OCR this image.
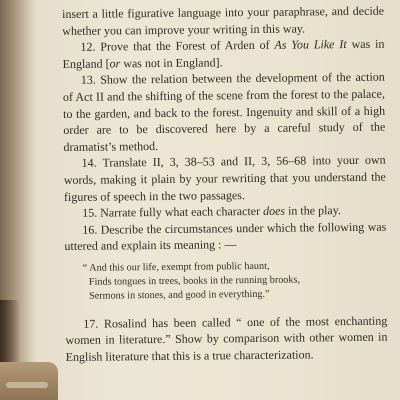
insert a little figurative language into your paraphrase, and decide whether you can improve your writing in this way.

12. Prove that the Forest of Arden of As You Like It was in England [or was not in England].

13. Show the relation between the development of the action of Act II and the shifting of the scene from the forest to the palace, to the garden, and back to the forest. Ingenuity and skill of a high order are to be discovered here by a careful study of the dramatist’s method.

14. Translate II, 3, 38–53 and II, 3, 56–68 into your own words, making it plain by your rewriting that you understand the figures of speech in the two passages.

15. Narrate fully what each character does in the play.

16. Describe the circumstances under which the following was uttered and explain its meaning : —

“ And this our life, exempt from public haunt,
Finds tongues in trees, books in the running brooks,
Sermons in stones, and good in everything.”

17. Rosalind has been called “ one of the most enchanting women in literature.” Show by comparison with other women in English literature that this is a true characterization.
